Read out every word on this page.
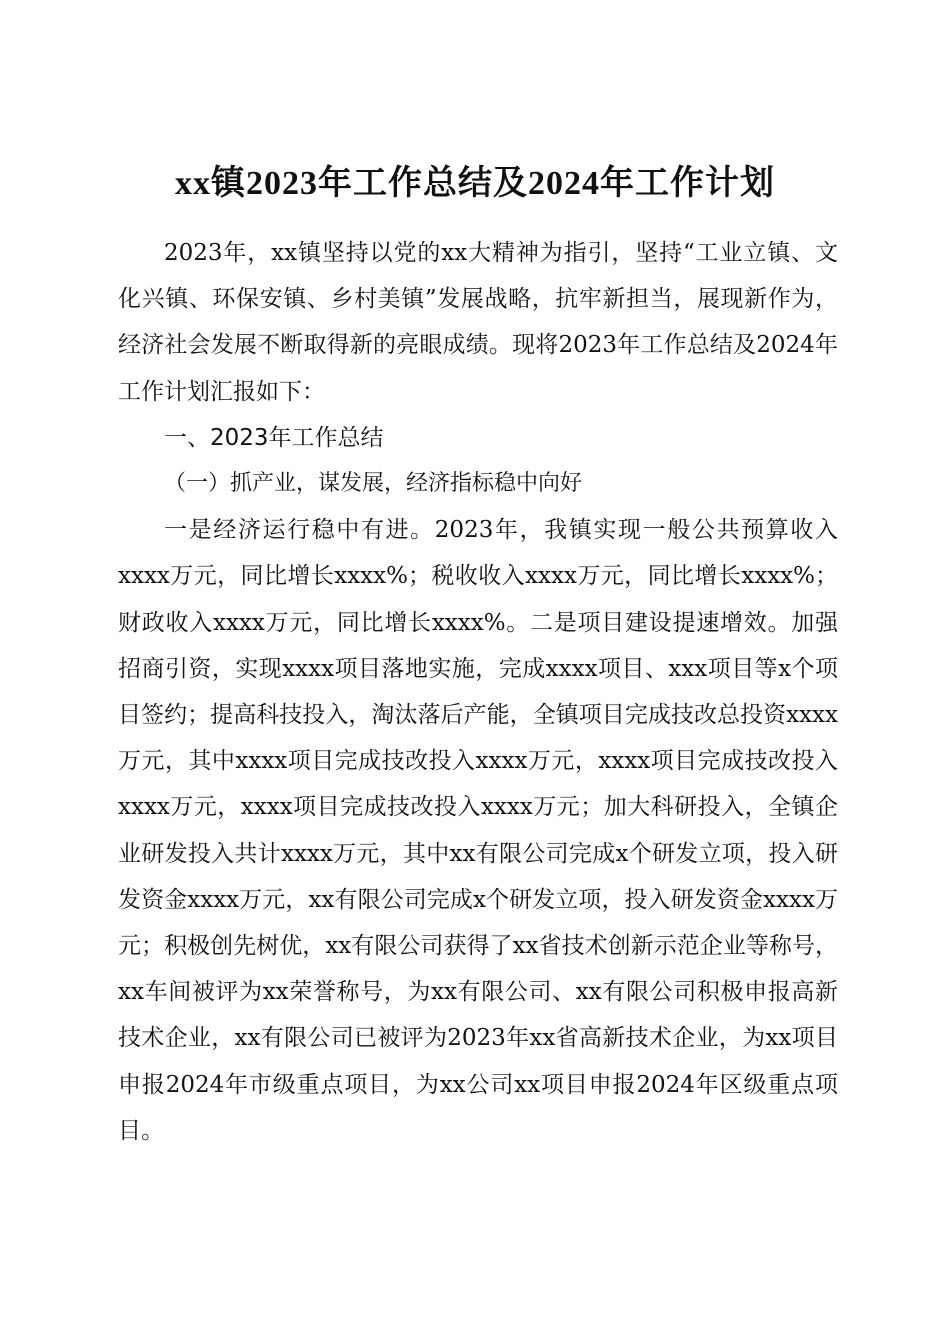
xx镇2023年工作总结及2024年工作计划

2023年，xx镇坚持以党的xx大精神为指引，坚持“工业立镇、文化兴镇、环保安镇、乡村美镇”发展战略，抗牢新担当，展现新作为，经济社会发展不断取得新的亮眼成绩。现将2023年工作总结及2024年工作计划汇报如下：

一、2023年工作总结

（一）抓产业，谋发展，经济指标稳中向好

一是经济运行稳中有进。2023年，我镇实现一般公共预算收入xxxx万元，同比增长xxxx%；税收收入xxxx万元，同比增长xxxx%；财政收入xxxx万元，同比增长xxxx%。二是项目建设提速增效。加强招商引资，实现xxxx项目落地实施，完成xxxx项目、xxx项目等x个项目签约；提高科技投入，淘汰落后产能，全镇项目完成技改总投资xxxx万元，其中xxxx项目完成技改投入xxxx万元，xxxx项目完成技改投入xxxx万元，xxxx项目完成技改投入xxxx万元；加大科研投入，全镇企业研发投入共计xxxx万元，其中xx有限公司完成x个研发立项，投入研发资金xxxx万元，xx有限公司完成x个研发立项，投入研发资金xxxx万元；积极创先树优，xx有限公司获得了xx省技术创新示范企业等称号，xx车间被评为xx荣誉称号，为xx有限公司、xx有限公司积极申报高新技术企业，xx有限公司已被评为2023年xx省高新技术企业，为xx项目申报2024年市级重点项目，为xx公司xx项目申报2024年区级重点项目。
